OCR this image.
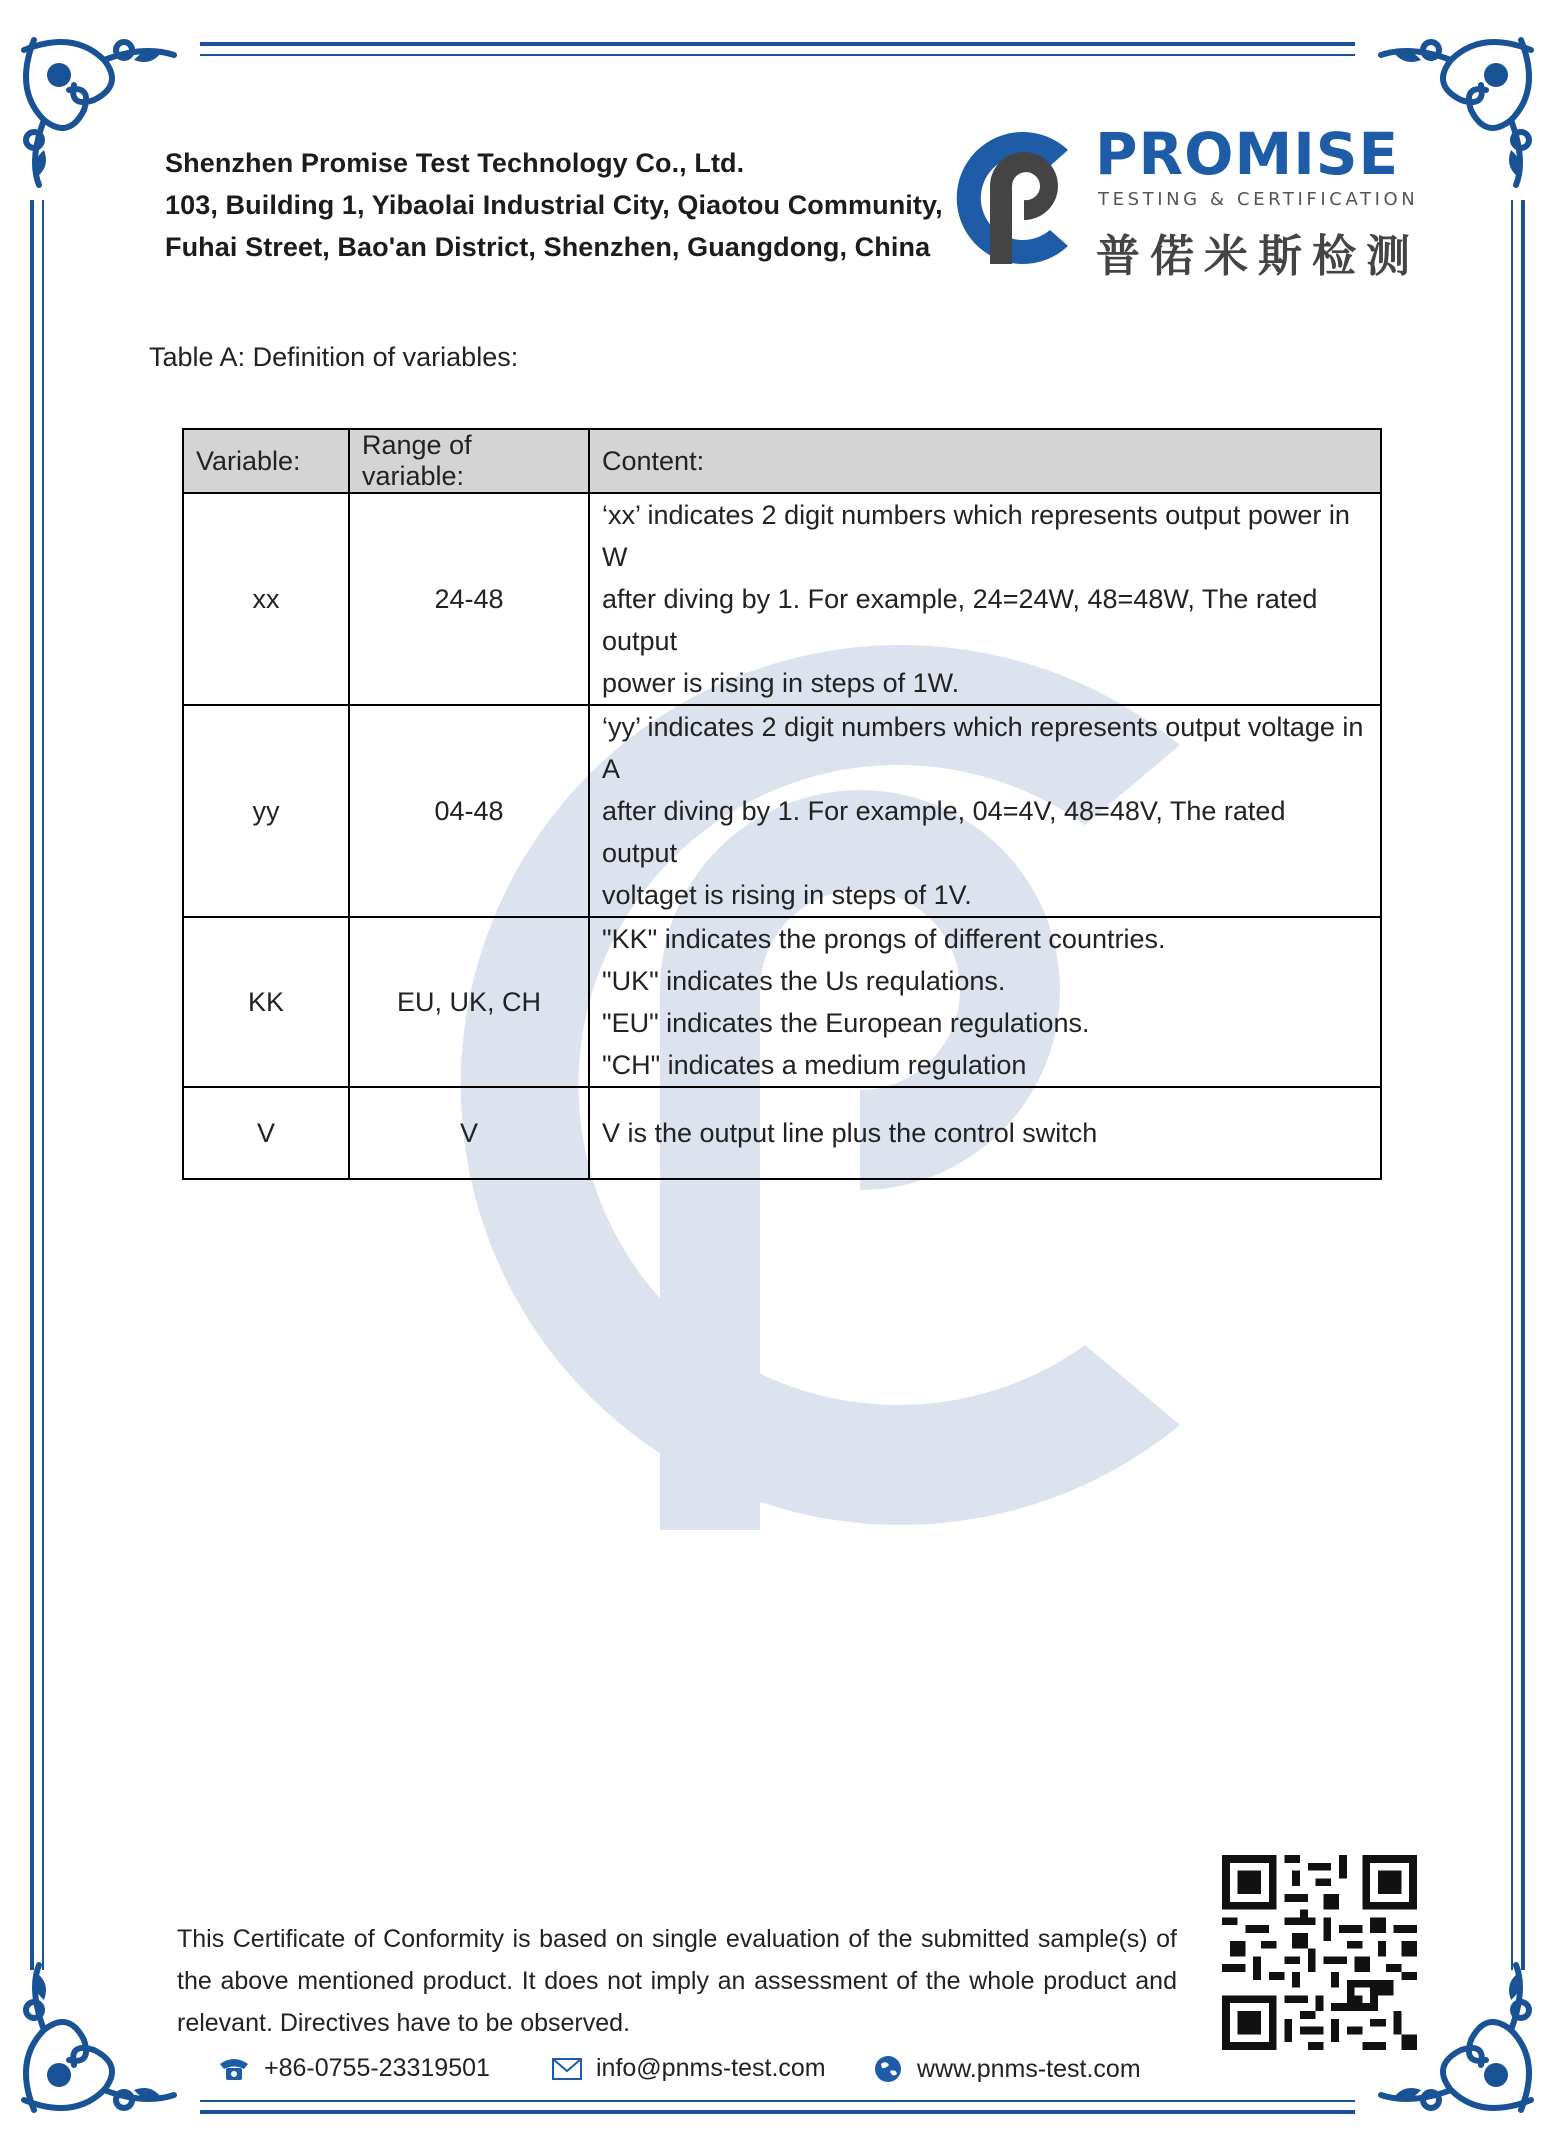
Shenzhen Promise Test Technology Co., Ltd.
103, Building 1, Yibaolai Industrial City, Qiaotou Community,
Fuhai Street, Bao'an District, Shenzhen, Guangdong, China
PROMISE
TESTING & CERTIFICATION
普偌米斯检测
Table A: Definition of variables:
Variable:	Range of variable:	Content:
xx	24-48	‘xx’ indicates 2 digit numbers which represents output power in W
after diving by 1. For example, 24=24W, 48=48W, The rated output
power is rising in steps of 1W.

yy	04-48	‘yy’ indicates 2 digit numbers which represents output voltage in A
after diving by 1. For example, 04=4V, 48=48V, The rated output
voltaget is rising in steps of 1V.

KK	EU, UK, CH	"KK" indicates the prongs of different countries.
"UK" indicates the Us requlations.
"EU" indicates the European regulations.
"CH" indicates a medium regulation

V	V	V is the output line plus the control switch
This Certificate of Conformity is based on single evaluation of the submitted sample(s) of the above mentioned product. It does not imply an assessment of the whole product and relevant. Directives have to be observed.
+86-0755-23319501	info@pnms-test.com	www.pnms-test.com
